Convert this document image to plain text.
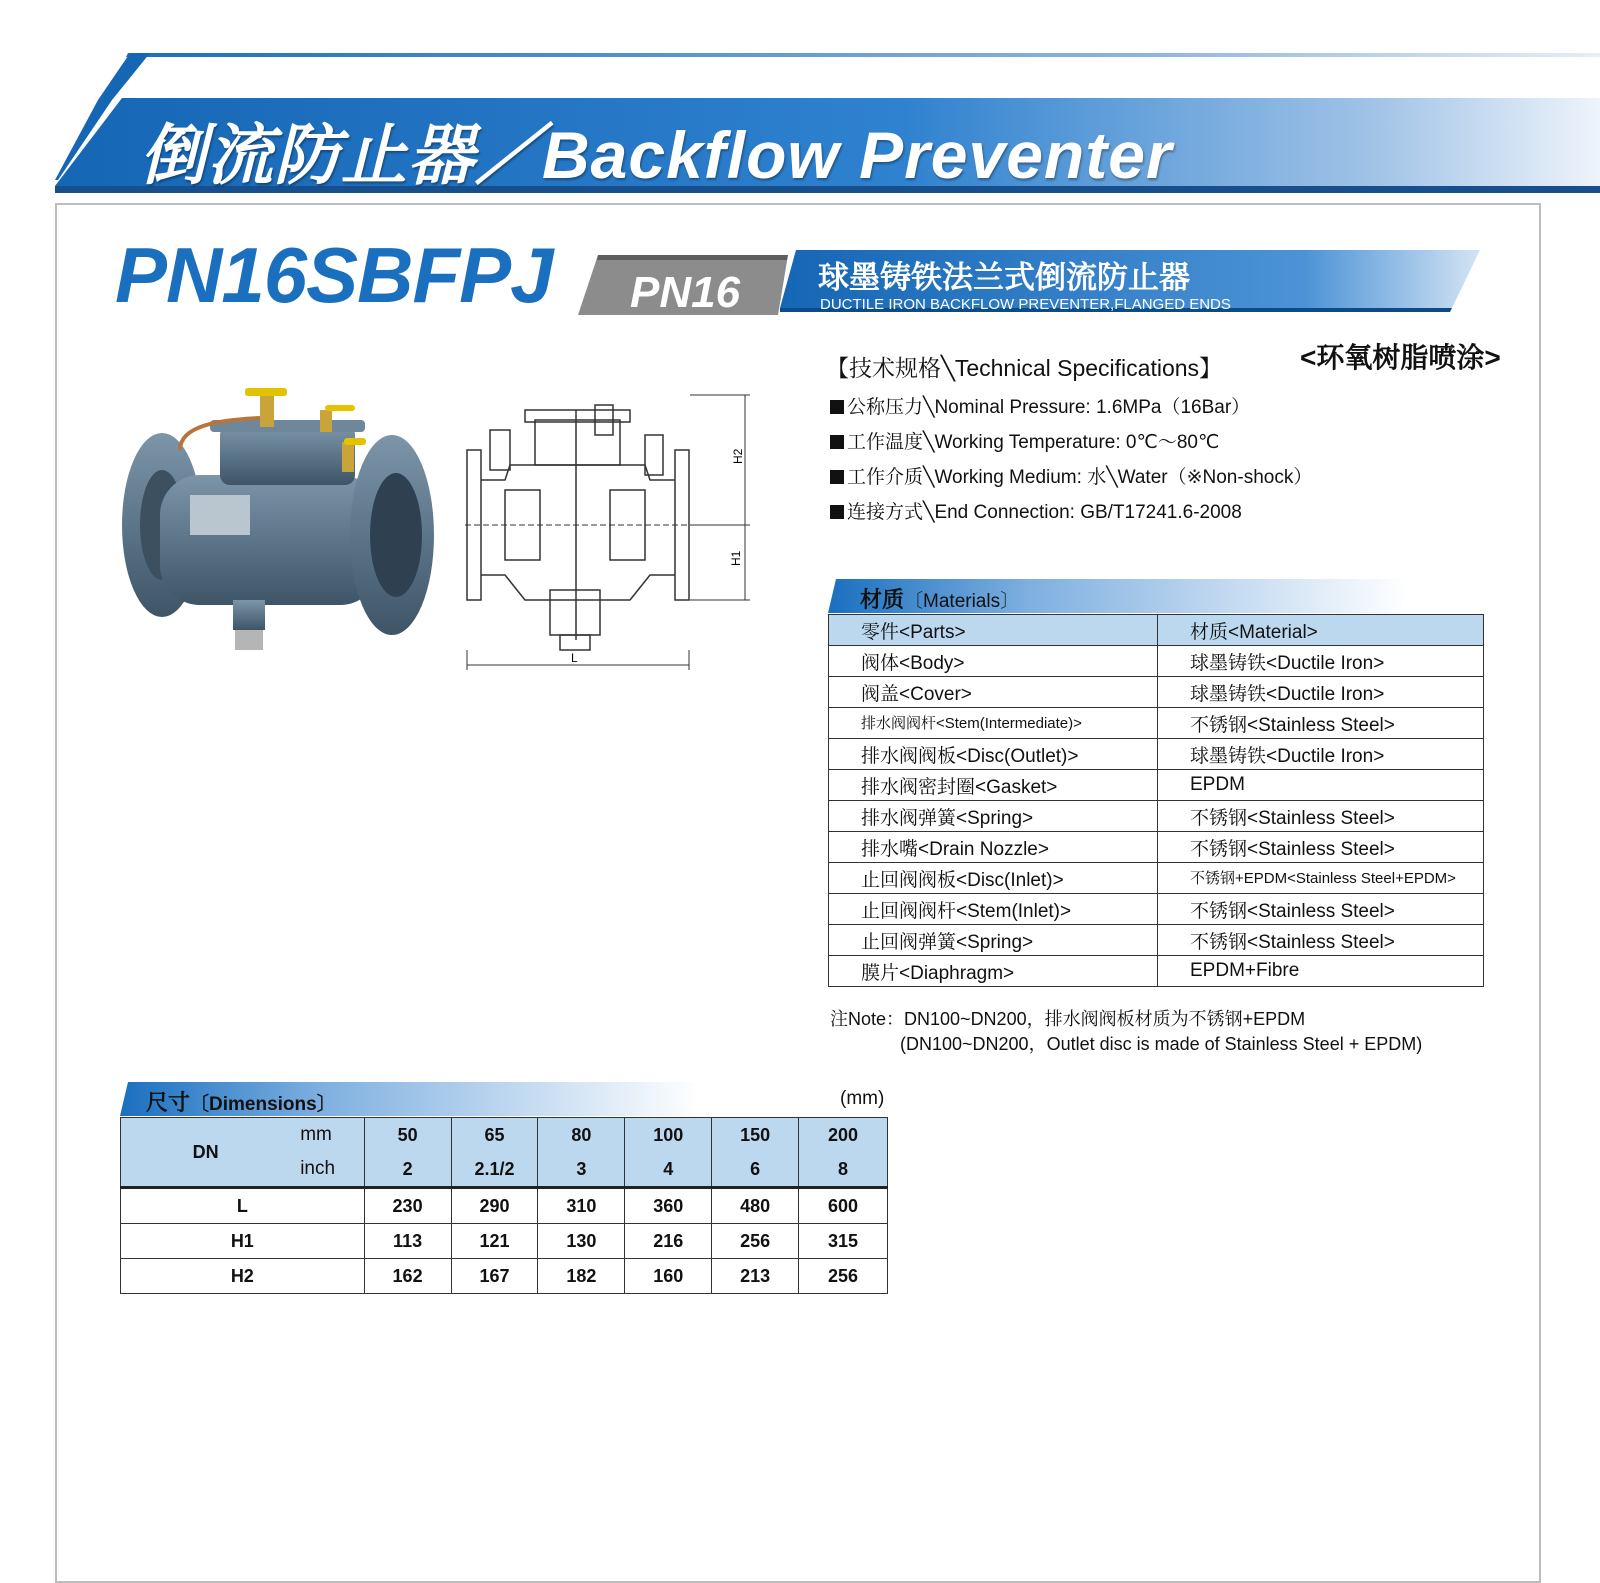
倒流防止器／Backflow Preventer
PN16SBFPJ PN16	球墨铸铁法兰式倒流防止器
DUCTILE IRON BACKFLOW PREVENTER,FLANGED ENDS
H2
H1
L
<环氧树脂喷涂>
【技术规格╲Technical Specifications】
公称压力╲Nominal Pressure: 1.6MPa（16Bar）
工作温度╲Working Temperature: 0℃～80℃
工作介质╲Working Medium: 水╲Water（※Non-shock）
连接方式╲End Connection: GB/T17241.6-2008
材质〔Materials〕
零件<Parts>	材质<Material>
阀体<Body>	球墨铸铁<Ductile Iron>
阀盖<Cover>	球墨铸铁<Ductile Iron>
排水阀阀杆<Stem(Intermediate)>	不锈钢<Stainless Steel>
排水阀阀板<Disc(Outlet)>	球墨铸铁<Ductile Iron>
排水阀密封圈<Gasket>	EPDM
排水阀弹簧<Spring>	不锈钢<Stainless Steel>
排水嘴<Drain Nozzle>	不锈钢<Stainless Steel>
止回阀阀板<Disc(Inlet)>	不锈钢+EPDM<Stainless Steel+EPDM>
止回阀阀杆<Stem(Inlet)>	不锈钢<Stainless Steel>
止回阀弹簧<Spring>	不锈钢<Stainless Steel>
膜片<Diaphragm>	EPDM+Fibre
注Note：DN100~DN200，排水阀阀板材质为不锈钢+EPDM
(DN100~DN200，Outlet disc is made of Stainless Steel + EPDM)
尺寸〔Dimensions〕	(mm)
DN	mm	50	65	80	100	150	200
	inch	2	2.1/2	3	4	6	8
L		230	290	310	360	480	600
H1		113	121	130	216	256	315
H2		162	167	182	160	213	256
